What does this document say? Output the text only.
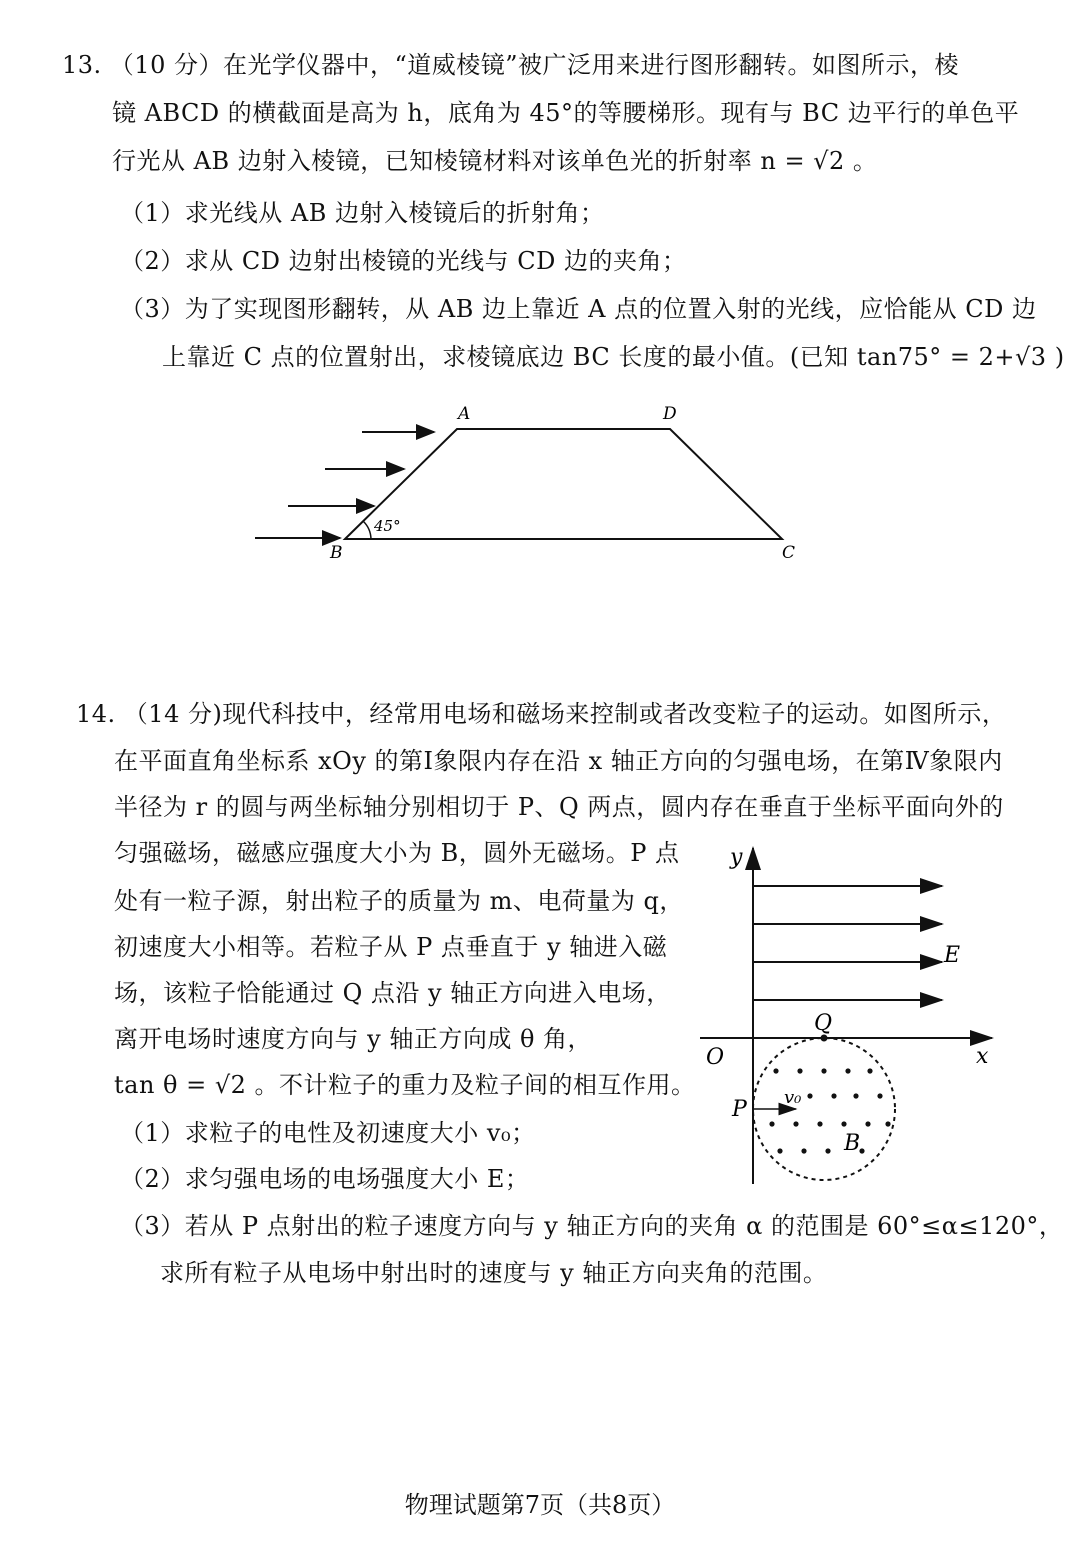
13. （10 分）在光学仪器中，“道威棱镜”被广泛用来进行图形翻转。如图所示，棱
镜 ABCD 的横截面是高为 h，底角为 45°的等腰梯形。现有与 BC 边平行的单色平
行光从 AB 边射入棱镜，已知棱镜材料对该单色光的折射率 n = √2 。
（1）求光线从 AB 边射入棱镜后的折射角；
（2）求从 CD 边射出棱镜的光线与 CD 边的夹角；
（3）为了实现图形翻转，从 AB 边上靠近 A 点的位置入射的光线，应恰能从 CD 边
上靠近 C 点的位置射出，求棱镜底边 BC 长度的最小值。(已知 tan75° = 2+√3 )
45°
A	D
B	C
14. （14 分)现代科技中，经常用电场和磁场来控制或者改变粒子的运动。如图所示，
在平面直角坐标系 xOy 的第Ⅰ象限内存在沿 x 轴正方向的匀强电场，在第Ⅳ象限内
半径为 r 的圆与两坐标轴分别相切于 P、Q 两点，圆内存在垂直于坐标平面向外的
匀强磁场，磁感应强度大小为 B，圆外无磁场。P 点
处有一粒子源，射出粒子的质量为 m、电荷量为 q，
初速度大小相等。若粒子从 P 点垂直于 y 轴进入磁
场，该粒子恰能通过 Q 点沿 y 轴正方向进入电场，
离开电场时速度方向与 y 轴正方向成 θ 角，
tan θ = √2 。不计粒子的重力及粒子间的相互作用。
（1）求粒子的电性及初速度大小 v₀；
（2）求匀强电场的电场强度大小 E；
（3）若从 P 点射出的粒子速度方向与 y 轴正方向的夹角 α 的范围是 60°≤α≤120°，
求所有粒子从电场中射出时的速度与 y 轴正方向夹角的范围。
y
x
O
Q
P
E
B
v₀
物理试题第7页（共8页）
